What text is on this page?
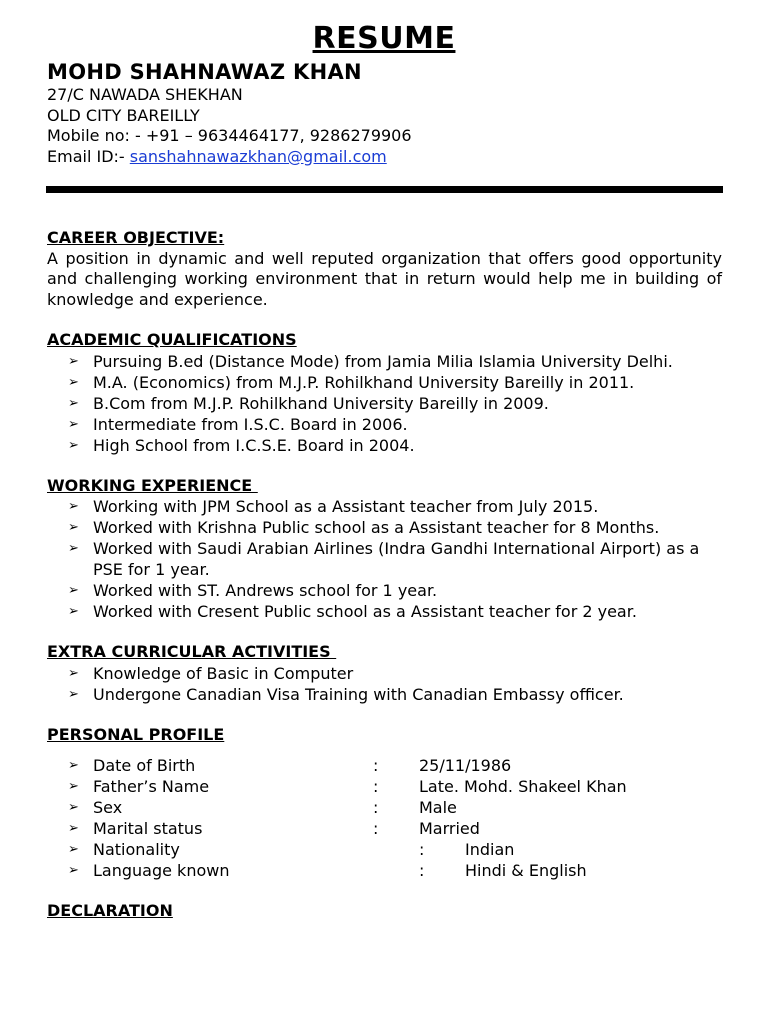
RESUME
MOHD SHAHNAWAZ KHAN
27/C NAWADA SHEKHAN
OLD CITY BAREILLY
Mobile no: - +91 – 9634464177, 9286279906
Email ID:- sanshahnawazkhan@gmail.com
CAREER OBJECTIVE:
A position in dynamic and well reputed organization that offers good opportunity and challenging working environment that in return would help me in building of knowledge and experience.
ACADEMIC QUALIFICATIONS
➢ Pursuing B.ed (Distance Mode) from Jamia Milia Islamia University Delhi.
➢ M.A. (Economics) from M.J.P. Rohilkhand University Bareilly in 2011.
➢ B.Com from M.J.P. Rohilkhand University Bareilly in 2009.
➢ Intermediate from I.S.C. Board in 2006.
➢ High School from I.C.S.E. Board in 2004.
WORKING EXPERIENCE
➢ Working with JPM School as a Assistant teacher from July 2015.
➢ Worked with Krishna Public school as a Assistant teacher for 8 Months.
➢ Worked with Saudi Arabian Airlines (Indra Gandhi International Airport) as a PSE for 1 year.
➢ Worked with ST. Andrews school for 1 year.
➢ Worked with Cresent Public school as a Assistant teacher for 2 year.
EXTRA CURRICULAR ACTIVITIES
➢ Knowledge of Basic in Computer
➢ Undergone Canadian Visa Training with Canadian Embassy officer.
PERSONAL PROFILE
➢ Date of Birth	:	25/11/1986
➢ Father’s Name	:	Late. Mohd. Shakeel Khan
➢ Sex	:	Male
➢ Marital status	:	Married
➢ Nationality	:	Indian
➢ Language known	:	Hindi & English
DECLARATION
